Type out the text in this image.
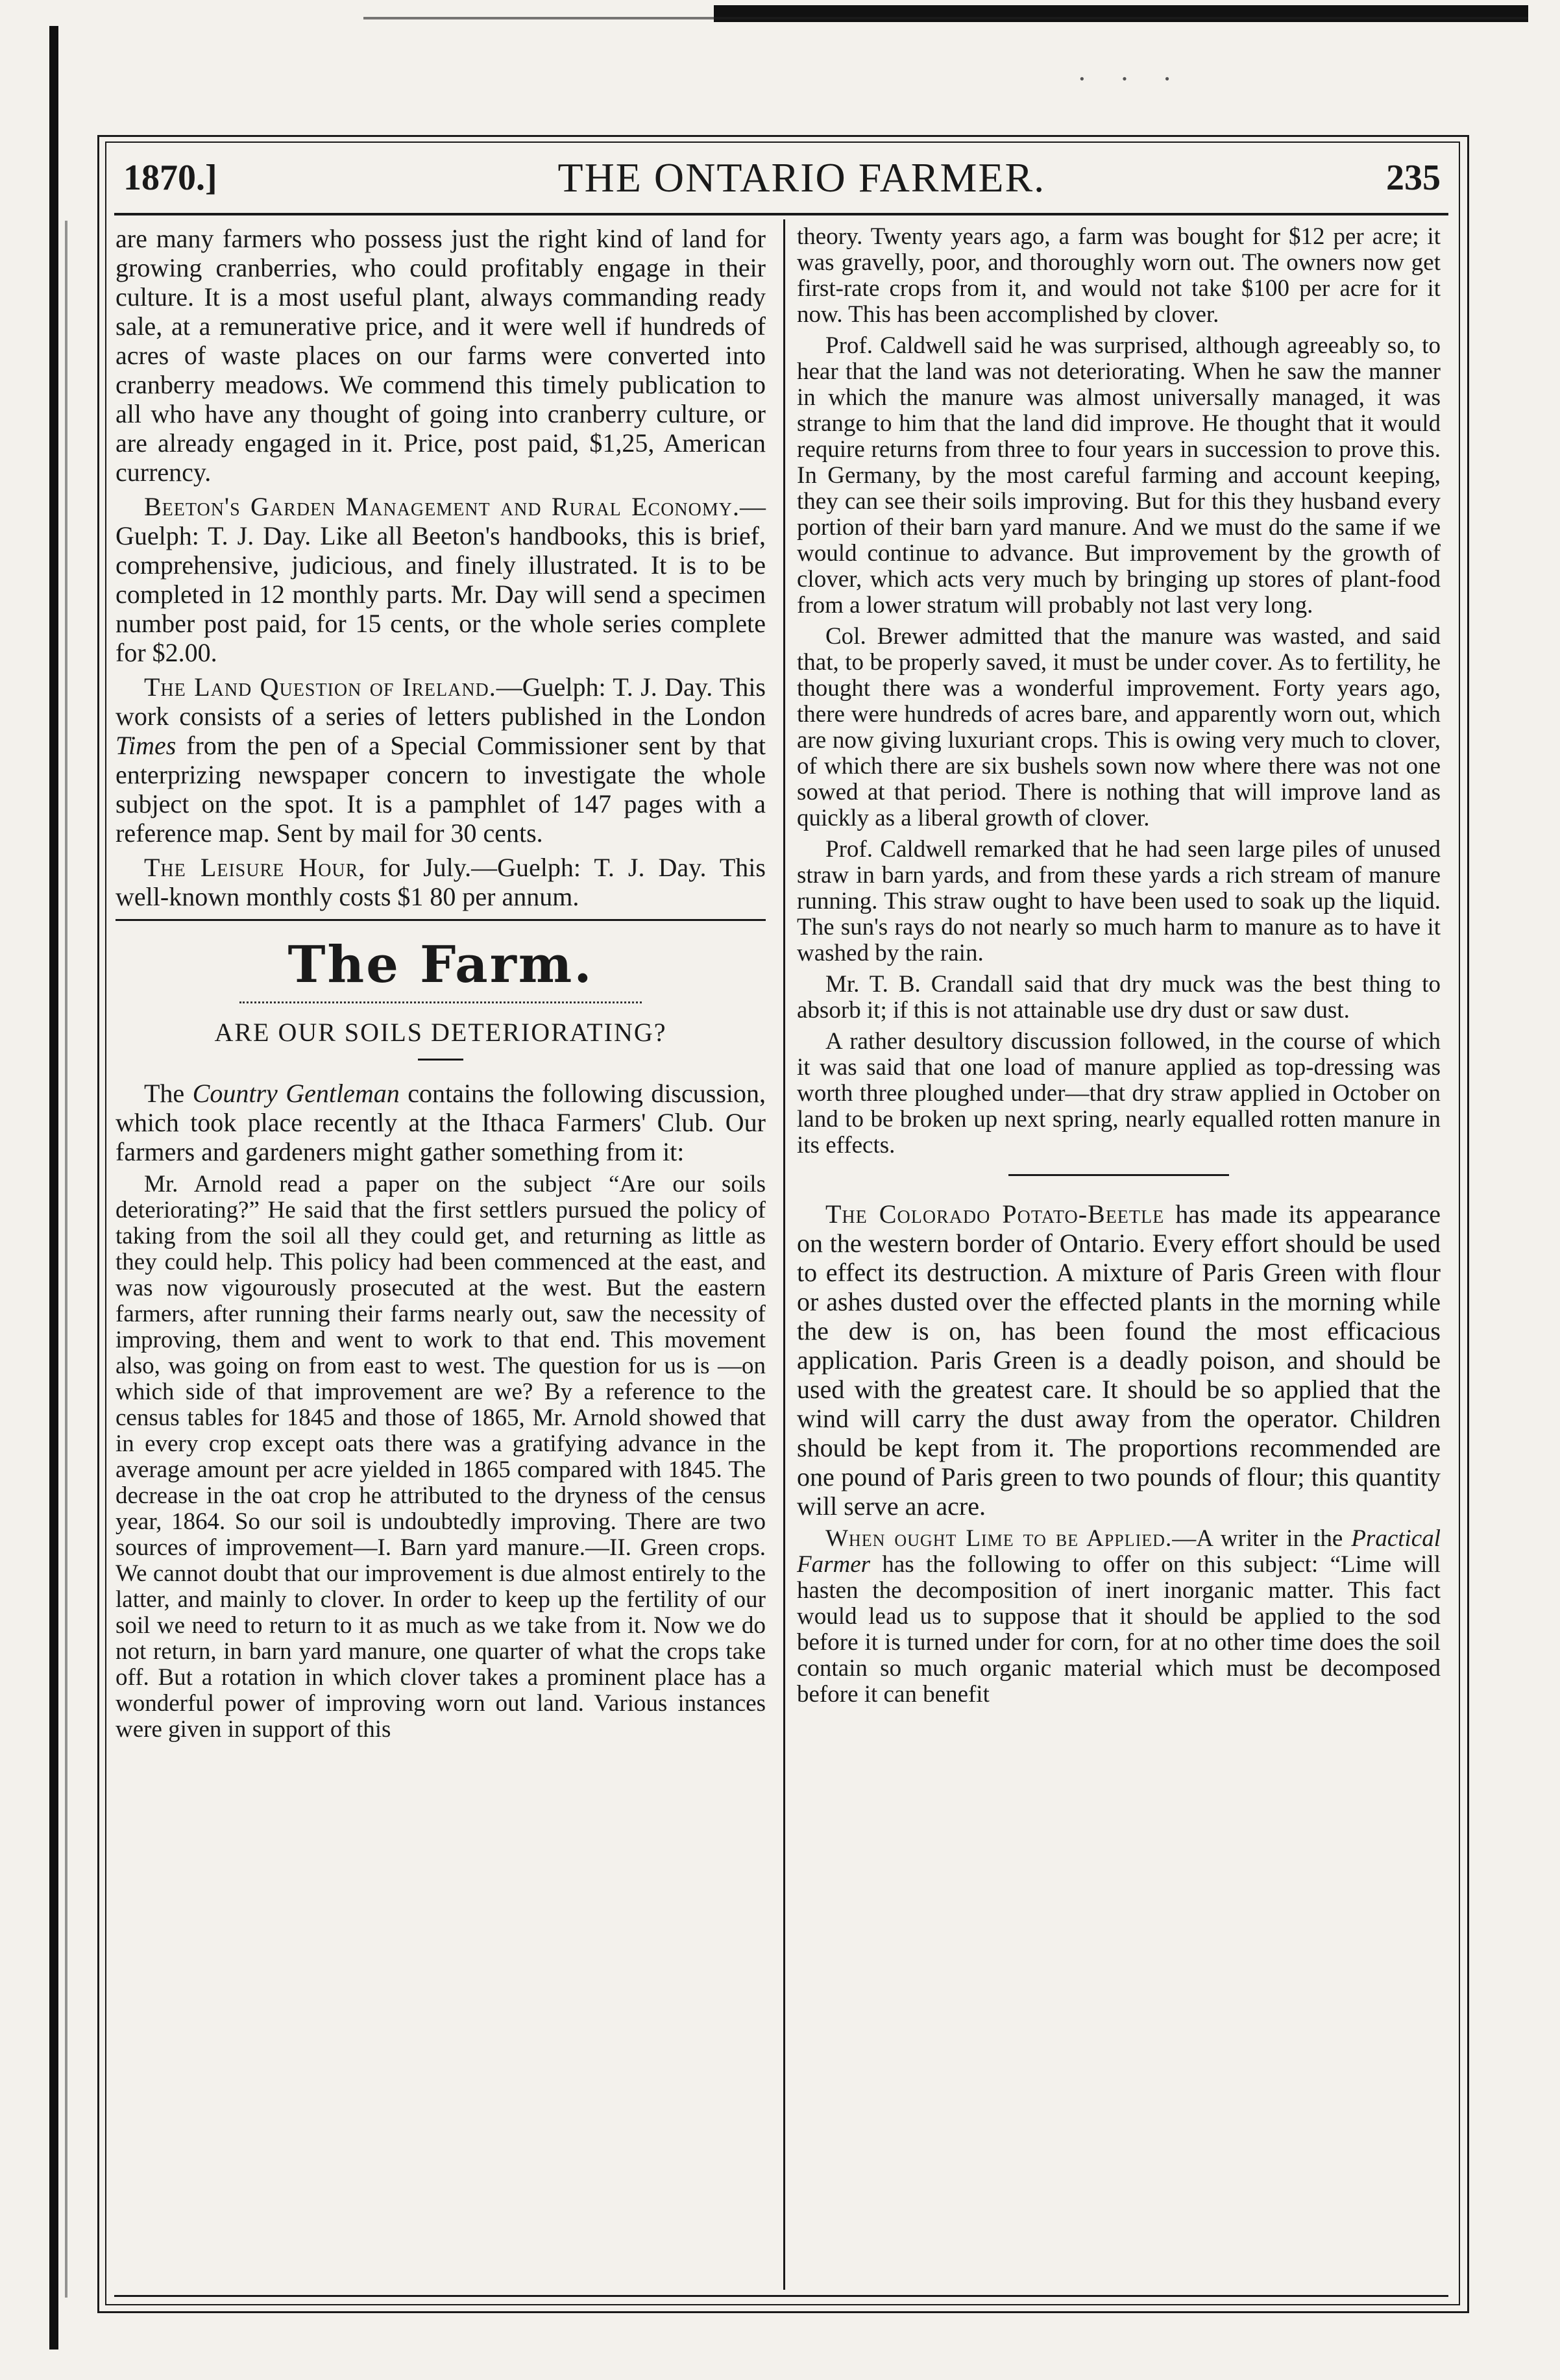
· · ·
1870.]	THE ONTARIO FARMER.	235

are many farmers who possess just the right kind of land for growing cranberries, who could profitably engage in their culture. It is a most useful plant, always commanding ready sale, at a remunerative price, and it were well if hundreds of acres of waste places on our farms were converted into cranberry meadows. We commend this timely publication to all who have any thought of going into cranberry culture, or are already engaged in it. Price, post paid, $1,25, American currency.

Beeton's Garden Management and Rural Economy.—Guelph: T. J. Day. Like all Beeton's handbooks, this is brief, comprehensive, judicious, and finely illustrated. It is to be completed in 12 monthly parts. Mr. Day will send a specimen number post paid, for 15 cents, or the whole series complete for $2.00.

The Land Question of Ireland.—Guelph: T. J. Day. This work consists of a series of letters published in the London Times from the pen of a Special Commissioner sent by that enterprizing newspaper concern to investigate the whole subject on the spot. It is a pamphlet of 147 pages with a reference map. Sent by mail for 30 cents.

The Leisure Hour, for July.—Guelph: T. J. Day. This well-known monthly costs $1 80 per annum.

The Farm.
ARE OUR SOILS DETERIORATING?

The Country Gentleman contains the following discussion, which took place recently at the Ithaca Farmers' Club. Our farmers and gardeners might gather something from it:

Mr. Arnold read a paper on the subject “Are our soils deteriorating?” He said that the first settlers pursued the policy of taking from the soil all they could get, and returning as little as they could help. This policy had been commenced at the east, and was now vigourously prosecuted at the west. But the eastern farmers, after running their farms nearly out, saw the necessity of improving, them and went to work to that end. This movement also, was going on from east to west. The question for us is —on which side of that improvement are we? By a reference to the census tables for 1845 and those of 1865, Mr. Arnold showed that in every crop except oats there was a gratifying advance in the average amount per acre yielded in 1865 compared with 1845. The decrease in the oat crop he attributed to the dryness of the census year, 1864. So our soil is undoubtedly improving. There are two sources of improvement—I. Barn yard manure.—II. Green crops. We cannot doubt that our improvement is due almost entirely to the latter, and mainly to clover. In order to keep up the fertility of our soil we need to return to it as much as we take from it. Now we do not return, in barn yard manure, one quarter of what the crops take off. But a rotation in which clover takes a prominent place has a wonderful power of improving worn out land. Various instances were given in support of this

theory. Twenty years ago, a farm was bought for $12 per acre; it was gravelly, poor, and thoroughly worn out. The owners now get first-rate crops from it, and would not take $100 per acre for it now. This has been accomplished by clover.

Prof. Caldwell said he was surprised, although agreeably so, to hear that the land was not deteriorating. When he saw the manner in which the manure was almost universally managed, it was strange to him that the land did improve. He thought that it would require returns from three to four years in succession to prove this. In Germany, by the most careful farming and account keeping, they can see their soils improving. But for this they husband every portion of their barn yard manure. And we must do the same if we would continue to advance. But improvement by the growth of clover, which acts very much by bringing up stores of plant-food from a lower stratum will probably not last very long.

Col. Brewer admitted that the manure was wasted, and said that, to be properly saved, it must be under cover. As to fertility, he thought there was a wonderful improvement. Forty years ago, there were hundreds of acres bare, and apparently worn out, which are now giving luxuriant crops. This is owing very much to clover, of which there are six bushels sown now where there was not one sowed at that period. There is nothing that will improve land as quickly as a liberal growth of clover.

Prof. Caldwell remarked that he had seen large piles of unused straw in barn yards, and from these yards a rich stream of manure running. This straw ought to have been used to soak up the liquid. The sun's rays do not nearly so much harm to manure as to have it washed by the rain.

Mr. T. B. Crandall said that dry muck was the best thing to absorb it; if this is not attainable use dry dust or saw dust.

A rather desultory discussion followed, in the course of which it was said that one load of manure applied as top-dressing was worth three ploughed under—that dry straw applied in October on land to be broken up next spring, nearly equalled rotten manure in its effects.

The Colorado Potato-Beetle has made its appearance on the western border of Ontario. Every effort should be used to effect its destruction. A mixture of Paris Green with flour or ashes dusted over the effected plants in the morning while the dew is on, has been found the most efficacious application. Paris Green is a deadly poison, and should be used with the greatest care. It should be so applied that the wind will carry the dust away from the operator. Children should be kept from it. The proportions recommended are one pound of Paris green to two pounds of flour; this quantity will serve an acre.

When ought Lime to be Applied.—A writer in the Practical Farmer has the following to offer on this subject: “Lime will hasten the decomposition of inert inorganic matter. This fact would lead us to suppose that it should be applied to the sod before it is turned under for corn, for at no other time does the soil contain so much organic material which must be decomposed before it can benefit
